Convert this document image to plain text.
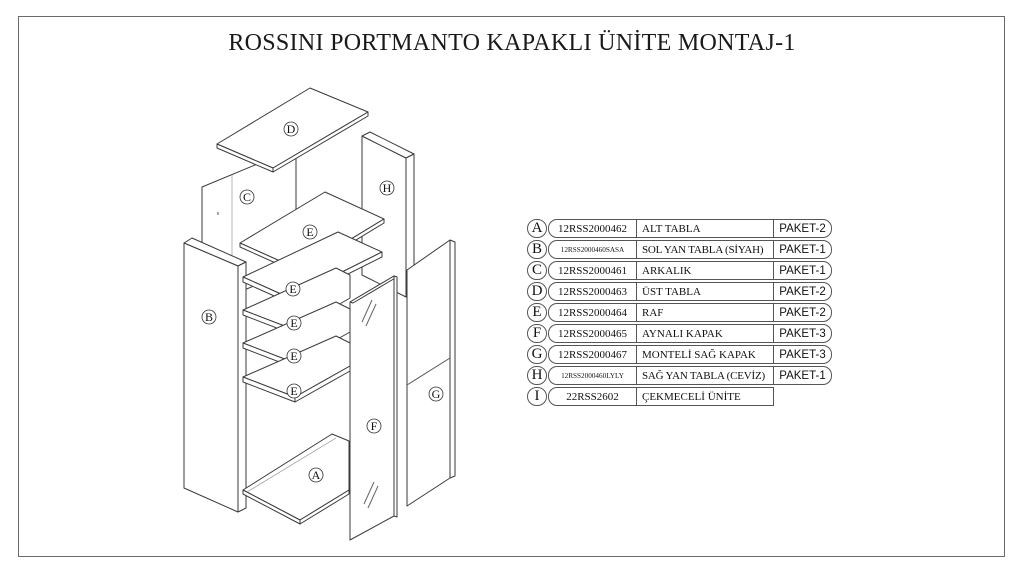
ROSSINI PORTMANTO KAPAKLI ÜNİTE MONTAJ-1
D
C
H
E
E
E
E
E
B
F
G
A
A	12RSS2000462	ALT TABLA	PAKET-2
B	12RSS2000460SASA	SOL YAN TABLA (SİYAH)	PAKET-1
C	12RSS2000461	ARKALIK	PAKET-1
D	12RSS2000463	ÜST TABLA	PAKET-2
E	12RSS2000464	RAF	PAKET-2
F	12RSS2000465	AYNALI KAPAK	PAKET-3
G	12RSS2000467	MONTELİ SAĞ KAPAK	PAKET-3
H	12RSS2000460LYLY	SAĞ YAN TABLA (CEVİZ)	PAKET-1
I	22RSS2602	ÇEKMECELİ ÜNİTE
